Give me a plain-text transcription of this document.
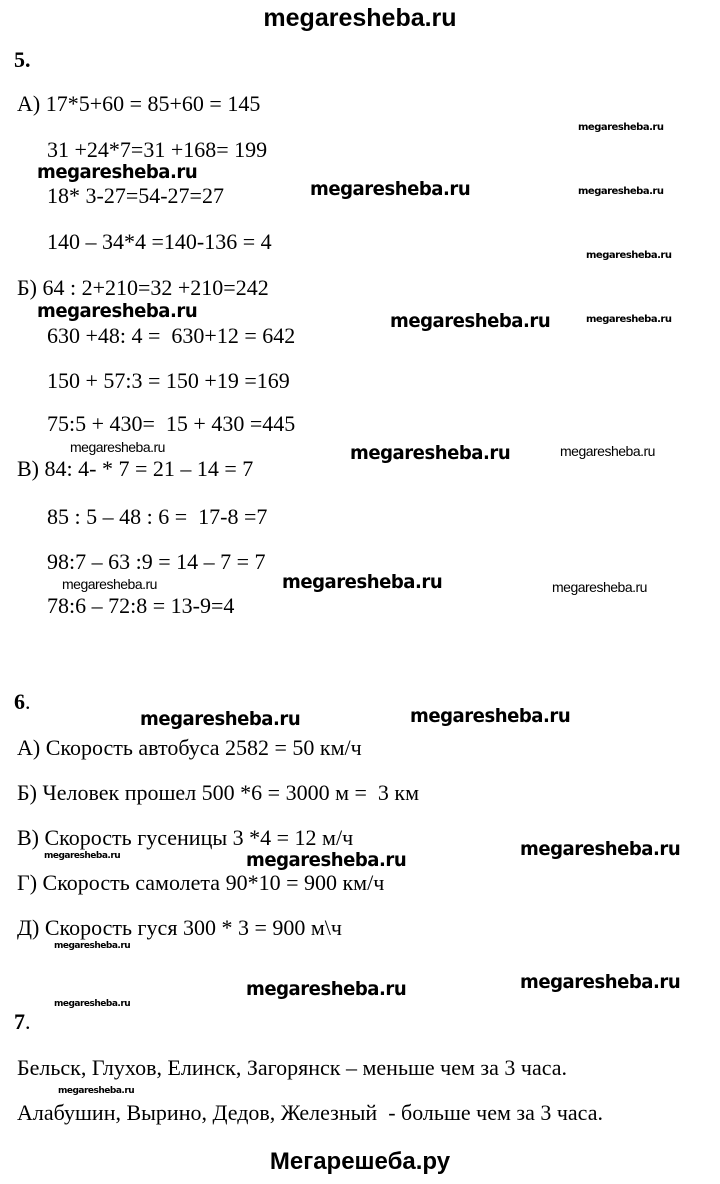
megaresheba.ru
5.
А) 17*5+60 = 85+60 = 145
31 +24*7=31 +168= 199
18* 3-27=54-27=27
140 – 34*4 =140-136 = 4
Б) 64 : 2+210=32 +210=242
630 +48: 4 =  630+12 = 642
150 + 57:3 = 150 +19 =169
75:5 + 430=  15 + 430 =445
В) 84: 4- * 7 = 21 – 14 = 7
85 : 5 – 48 : 6 =  17-8 =7
98:7 – 63 :9 = 14 – 7 = 7
78:6 – 72:8 = 13-9=4
6.
А) Скорость автобуса 2582 = 50 км/ч
Б) Человек прошел 500 *6 = 3000 м =  3 км
В) Скорость гусеницы 3 *4 = 12 м/ч
Г) Скорость самолета 90*10 = 900 км/ч
Д) Скорость гуся 300 * 3 = 900 м\ч
7.
Бельск, Глухов, Елинск, Загорянск – меньше чем за 3 часа.
Алабушин, Вырино, Дедов, Железный  - больше чем за 3 часа.
Мегарешеба.ру
megaresheba.ru
megaresheba.ru
megaresheba.ru	megaresheba.ru
megaresheba.ru
megaresheba.ru
megaresheba.ru	megaresheba.ru
megaresheba.ru	megaresheba.ru
megaresheba.ru	megaresheba.ru
megaresheba.ru
megaresheba.ru
megaresheba.ru
megaresheba.ru
megaresheba.ru
megaresheba.ru
megaresheba.ru
megaresheba.ru
megaresheba.ru	megaresheba.ru
megaresheba.ru	megaresheba.ru
